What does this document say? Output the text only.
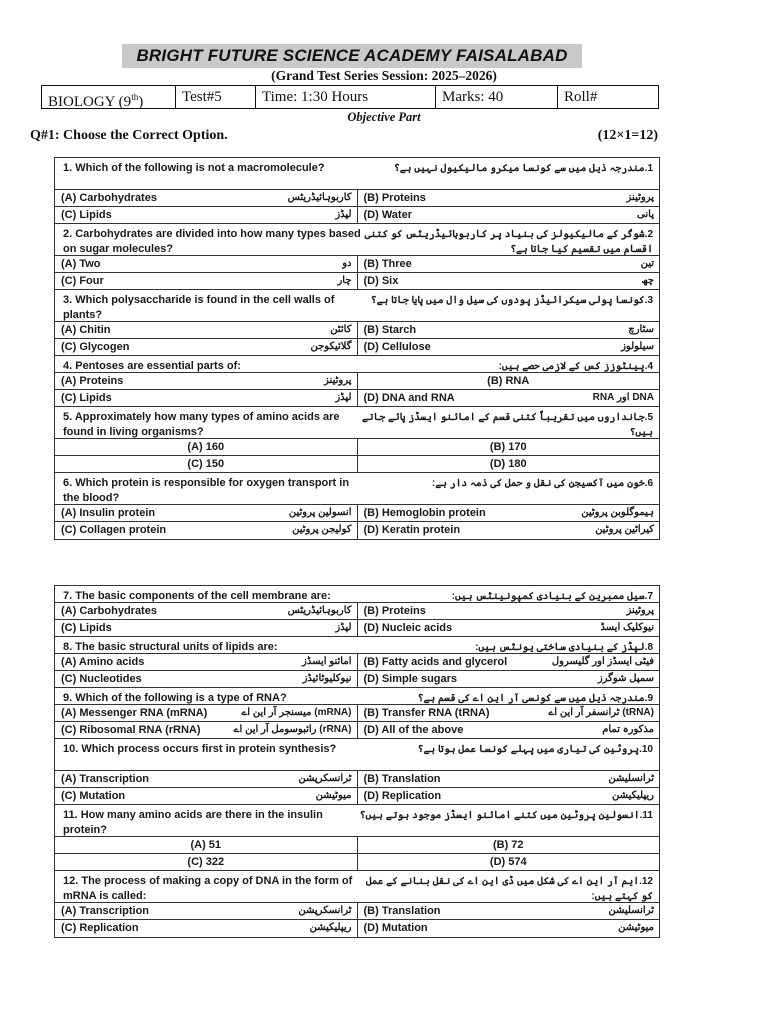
BRIGHT FUTURE SCIENCE ACADEMY FAISALABAD
(Grand Test Series Session: 2025–2026)
BIOLOGY (9th)	Test#5	Time: 1:30 Hours	Marks: 40	Roll#
Objective Part
Q#1: Choose the Correct Option.	(12×1=12)
1. Which of the following is not a macromolecule?	1.مندرجہ ذیل میں سے کونسا میکرو مالیکیول نہیں ہے؟
(A) Carbohydrates	کاربوہائیڈریٹس (B) Proteins	پروٹینز
(C) Lipids	لپڈز (D) Water	پانی
2. Carbohydrates are divided into how many types based on sugar molecules?
2.شوگر کے مالیکیولز کی بنیاد پر کاربوہائیڈریٹس کو کتنی اقسام میں تقسیم کیا جاتا ہے؟
(A) Two	دو (B) Three	تین
(C) Four	چار (D) Six	چھ
3. Which polysaccharide is found in the cell walls of plants?
3.کونسا پولی سیکرائیڈز پودوں کی سیل وال میں پایا جاتا ہے؟
(A) Chitin	کائٹن (B) Starch	سٹارچ
(C) Glycogen	گلائیکوجن (D) Cellulose	سیلولوز
4. Pentoses are essential parts of:	4.پینٹوزز کس کے لازمی حصے ہیں:
(A) Proteins	پروٹینز	(B) RNA
(C) Lipids	لپڈز (D) DNA and RNA	DNA اور RNA
5. Approximately how many types of amino acids are found in living organisms?
5.جانداروں میں تقریباً کتنی قسم کے امائنو ایسڈز پائے جاتے ہیں؟
(A) 160	(B) 170
(C) 150	(D) 180
6. Which protein is responsible for oxygen transport in the blood?
6.خون میں آکسیجن کی نقل و حمل کی ذمہ دار ہے:
(A) Insulin protein	انسولین پروٹین (B) Hemoglobin protein	ہیموگلوبن پروٹین
(C) Collagen protein	کولیجن پروٹین (D) Keratin protein	کیراٹین پروٹین
7. The basic components of the cell membrane are:	7.سیل ممبرین کے بنیادی کمپونینٹس ہیں:
(A) Carbohydrates	کاربوہائیڈریٹس (B) Proteins	پروٹینز
(C) Lipids	لپڈز (D) Nucleic acids	نیوکلیک ایسڈ
8. The basic structural units of lipids are:	8.لپڈز کے بنیادی ساختی یونٹس ہیں:
(A) Amino acids	امائنو ایسڈز (B) Fatty acids and glycerol	فیٹی ایسڈز اور گلیسرول
(C) Nucleotides	نیوکلیوٹائیڈز (D) Simple sugars	سمپل شوگرز
9. Which of the following is a type of RNA?	9.مندرجہ ذیل میں سے کونسی آر این اے کی قسم ہے؟
(A) Messenger RNA (mRNA)	(mRNA) میسنجر آر این اے (B) Transfer RNA (tRNA)	(tRNA) ٹرانسفر آر این اے
(C) Ribosomal RNA (rRNA)	(rRNA) رائبوسومل آر این اے (D) All of the above	مذکورہ تمام
10. Which process occurs first in protein synthesis?	10.پروٹین کی تیاری میں پہلے کونسا عمل ہوتا ہے؟
(A) Transcription	ٹرانسکرپشن (B) Translation	ٹرانسلیشن
(C) Mutation	میوٹیشن (D) Replication	ریپلیکیشن
11. How many amino acids are there in the insulin protein?
11.انسولین پروٹین میں کتنے امائنو ایسڈز موجود ہوتے ہیں؟
(A) 51	(B) 72
(C) 322	(D) 574
12. The process of making a copy of DNA in the form of mRNA is called:
12.ایم آر این اے کی شکل میں ڈی این اے کی نقل بنانے کے عمل کو کہتے ہیں:
(A) Transcription	ٹرانسکرپشن (B) Translation	ٹرانسلیشن
(C) Replication	ریپلیکیشن (D) Mutation	میوٹیشن
